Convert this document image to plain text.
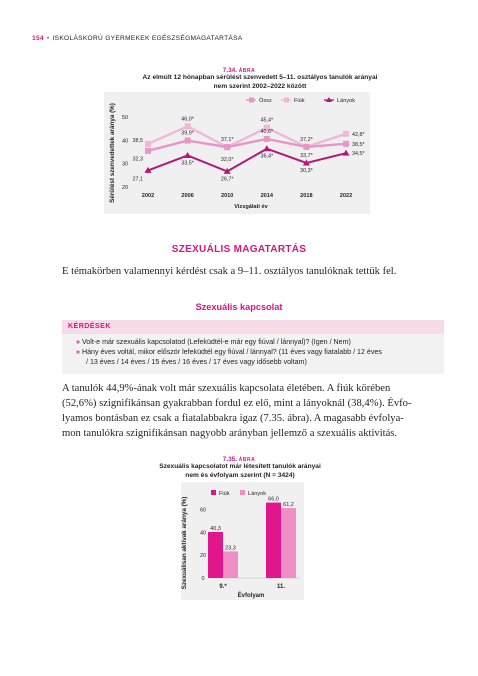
154 • ISKOLÁSKORÚ GYERMEKEK EGÉSZSÉGMAGATARTÁSA
7.34. ÁBRA
Az elmúlt 12 hónapban sérülést szenvedett 5–11. osztályos tanulók arányai
nem szerint 2002–2022 között
Sérülést szenvedettek aránya (%)
Vizsgálati év
20
30
40
50
2002	2006	2010	2014	2018	2022
Össz	Fiúk	Lányok
38,5
46,0*	45,4*
42,8*
39,9*
37,1*
40,6*
37,2*
38,5*
27,1
33,5*
26,7*
36,4*
30,3*
34,5*
32,3	32,0*
33,7*
SZEXUÁLIS MAGATARTÁS
E témakörben valamennyi kérdést csak a 9–11. osztályos tanulóknak tettük fel.
Szexuális kapcsolat
KÉRDÉSEK
» Volt-e már szexuális kapcsolatod (Lefeküdtél-e már egy fiúval / lánnyal)? (Igen / Nem)
» Hány éves voltál, mikor először lefeküdtél egy fiúval / lánnyal? (11 éves vagy fiatalabb / 12 éves
/ 13 éves / 14 éves / 15 éves / 16 éves / 17 éves vagy idősebb voltam)
A tanulók 44,9%-ának volt már szexuális kapcsolata életében. A fiúk körében
(52,6%) szignifikánsan gyakrabban fordul ez elő, mint a lányoknál (38,4%). Évfo-
lyamos bontásban ez csak a fiatalabbakra igaz (7.35. ábra). A magasabb évfolya-
mon tanulókra szignifikánsan nagyobb arányban jellemző a szexuális aktivitás.
7.35. ÁBRA
Szexuális kapcsolatot már létesített tanulók arányai
nem és évfolyam szerint (N = 3424)
Szexuálisan aktívak aránya (%)
Évfolyam
0
20
40
60
Fiúk	Lányok
40,3
23,3
9.*
66,0
61,2
11.
